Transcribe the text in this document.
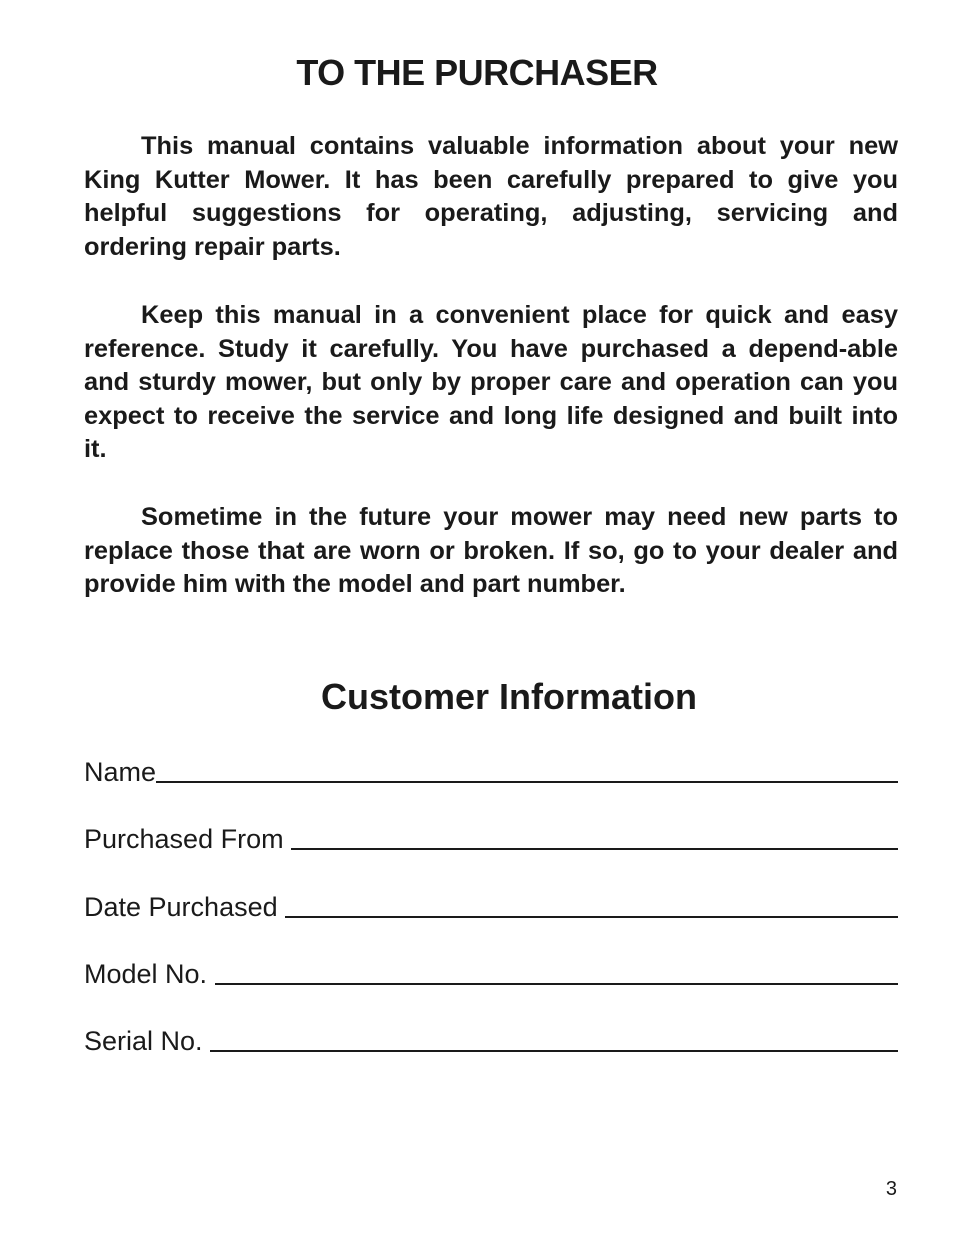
TO THE PURCHASER

This manual contains valuable information about your new King Kutter Mower. It has been carefully prepared to give you helpful suggestions for operating, adjusting, servicing and ordering repair parts.

Keep this manual in a convenient place for quick and easy reference. Study it carefully. You have purchased a depend-able and sturdy mower, but only by proper care and operation can you expect to receive the service and long life designed and built into it.

Sometime in the future your mower may need new parts to replace those that are worn or broken. If so, go to your dealer and provide him with the model and part number.

Customer Information
Name
Purchased From
Date Purchased
Model No.
Serial No.
3
